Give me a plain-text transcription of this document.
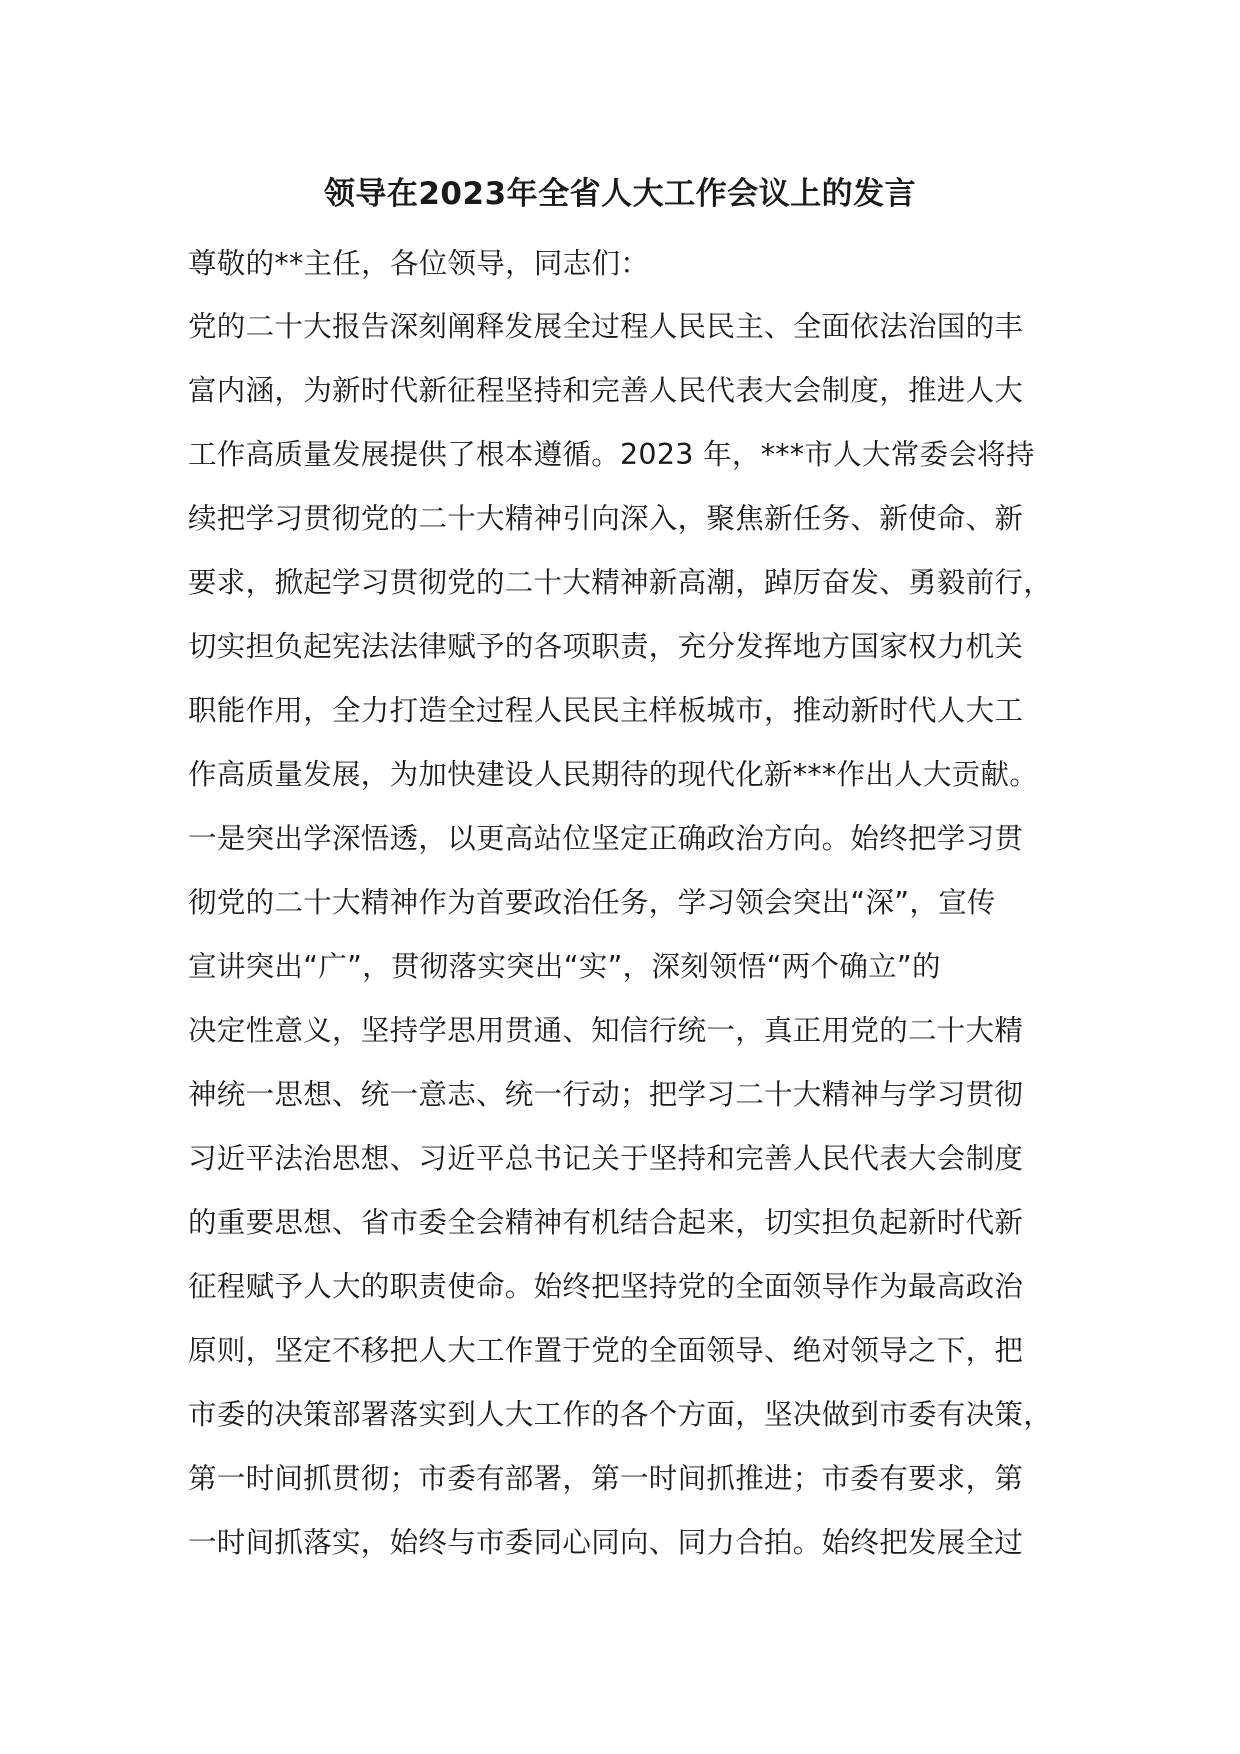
领导在2023年全省人大工作会议上的发言
尊敬的**主任，各位领导，同志们：
党的二十大报告深刻阐释发展全过程人民民主、全面依法治国的丰
富内涵，为新时代新征程坚持和完善人民代表大会制度，推进人大
工作高质量发展提供了根本遵循。2023 年，***市人大常委会将持
续把学习贯彻党的二十大精神引向深入，聚焦新任务、新使命、新
要求，掀起学习贯彻党的二十大精神新高潮，踔厉奋发、勇毅前行，
切实担负起宪法法律赋予的各项职责，充分发挥地方国家权力机关
职能作用，全力打造全过程人民民主样板城市，推动新时代人大工
作高质量发展，为加快建设人民期待的现代化新***作出人大贡献。
一是突出学深悟透，以更高站位坚定正确政治方向。始终把学习贯
彻党的二十大精神作为首要政治任务，学习领会突出“深”，宣传
宣讲突出“广”，贯彻落实突出“实”，深刻领悟“两个确立”的
决定性意义，坚持学思用贯通、知信行统一，真正用党的二十大精
神统一思想、统一意志、统一行动；把学习二十大精神与学习贯彻
习近平法治思想、习近平总书记关于坚持和完善人民代表大会制度
的重要思想、省市委全会精神有机结合起来，切实担负起新时代新
征程赋予人大的职责使命。始终把坚持党的全面领导作为最高政治
原则，坚定不移把人大工作置于党的全面领导、绝对领导之下，把
市委的决策部署落实到人大工作的各个方面，坚决做到市委有决策，
第一时间抓贯彻；市委有部署，第一时间抓推进；市委有要求，第
一时间抓落实，始终与市委同心同向、同力合拍。始终把发展全过
